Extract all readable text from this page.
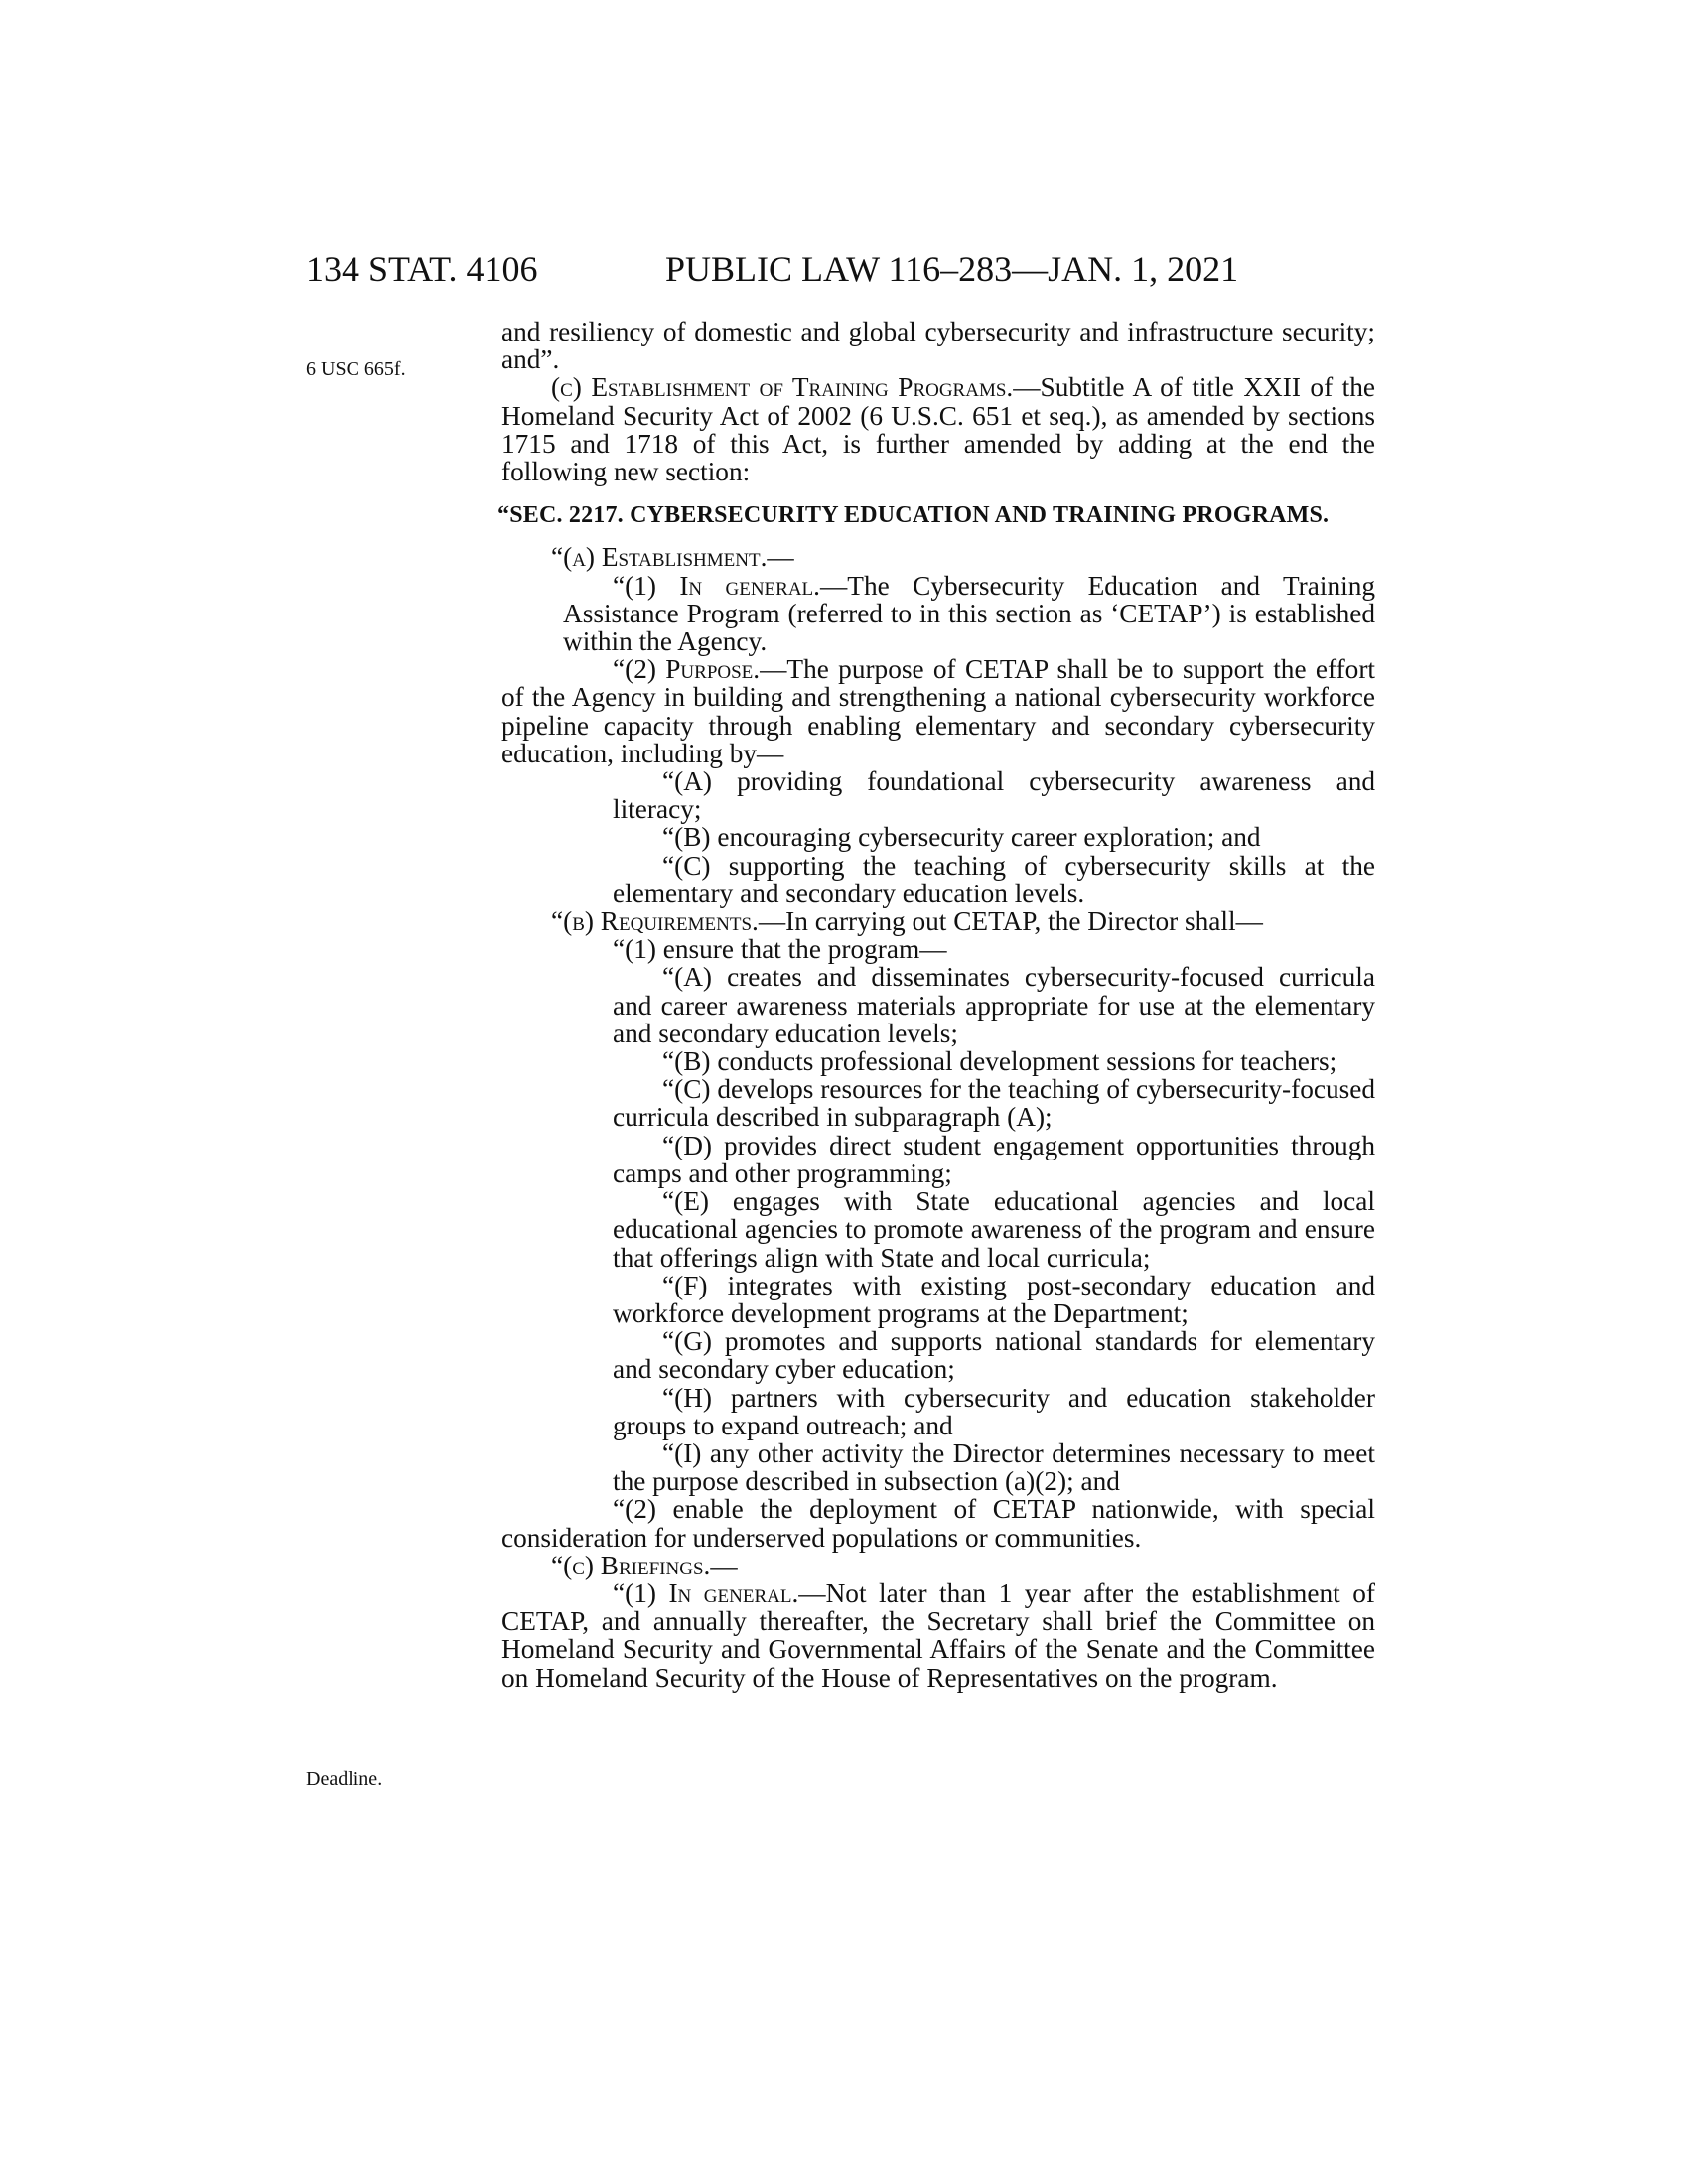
134 STAT. 4106	PUBLIC LAW 116–283—JAN. 1, 2021
6 USC 665f.
Deadline.

and resiliency of domestic and global cybersecurity and infrastructure security; and”.

(c) Establishment of Training Programs.—Subtitle A of title XXII of the Homeland Security Act of 2002 (6 U.S.C. 651 et seq.), as amended by sections 1715 and 1718 of this Act, is further amended by adding at the end the following new section:

“SEC. 2217. CYBERSECURITY EDUCATION AND TRAINING PROGRAMS.

“(a) Establishment.—

“(1) In general.—The Cybersecurity Education and Training Assistance Program (referred to in this section as ‘CETAP’) is established within the Agency.

“(2) Purpose.—The purpose of CETAP shall be to support the effort of the Agency in building and strengthening a national cybersecurity workforce pipeline capacity through enabling elementary and secondary cybersecurity education, including by—

“(A) providing foundational cybersecurity awareness and literacy;

“(B) encouraging cybersecurity career exploration; and

“(C) supporting the teaching of cybersecurity skills at the elementary and secondary education levels.

“(b) Requirements.—In carrying out CETAP, the Director shall—

“(1) ensure that the program—

“(A) creates and disseminates cybersecurity-focused curricula and career awareness materials appropriate for use at the elementary and secondary education levels;

“(B) conducts professional development sessions for teachers;

“(C) develops resources for the teaching of cybersecurity-focused curricula described in subparagraph (A);

“(D) provides direct student engagement opportunities through camps and other programming;

“(E) engages with State educational agencies and local educational agencies to promote awareness of the program and ensure that offerings align with State and local curricula;

“(F) integrates with existing post-secondary education and workforce development programs at the Department;

“(G) promotes and supports national standards for elementary and secondary cyber education;

“(H) partners with cybersecurity and education stakeholder groups to expand outreach; and

“(I) any other activity the Director determines necessary to meet the purpose described in subsection (a)(2); and

“(2) enable the deployment of CETAP nationwide, with special consideration for underserved populations or communities.

“(c) Briefings.—

“(1) In general.—Not later than 1 year after the establishment of CETAP, and annually thereafter, the Secretary shall brief the Committee on Homeland Security and Governmental Affairs of the Senate and the Committee on Homeland Security of the House of Representatives on the program.
